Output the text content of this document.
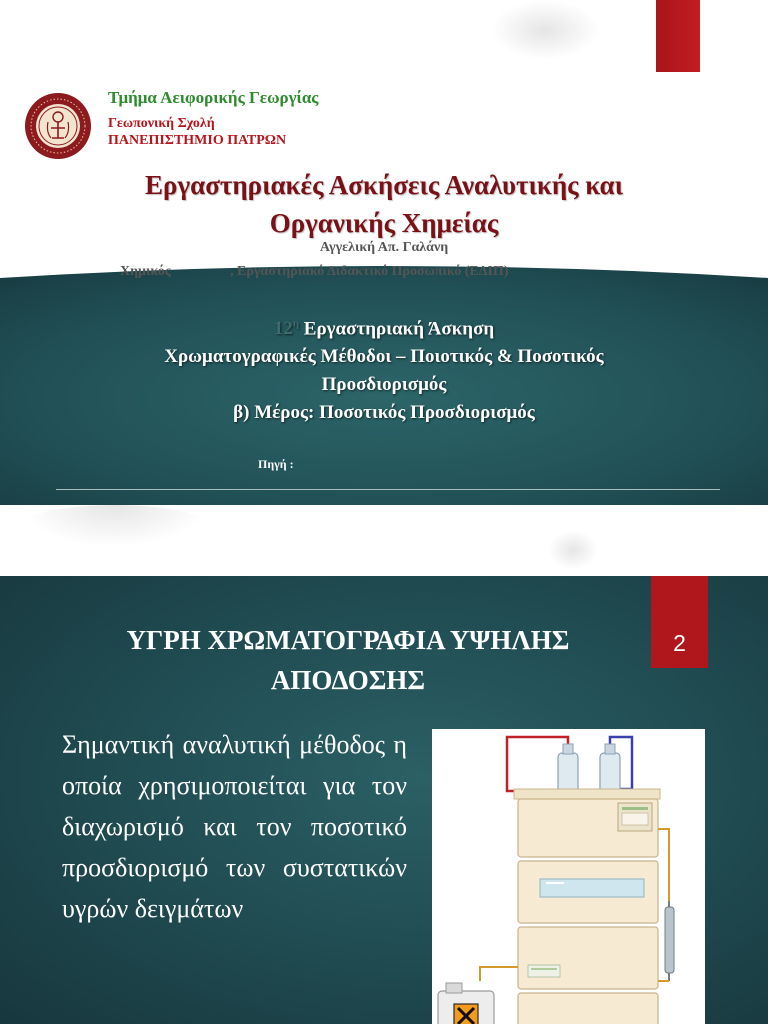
Τμήμα Αειφορικής Γεωργίας
Γεωπονική Σχολή
ΠΑΝΕΠΙΣΤΗΜΙΟ ΠΑΤΡΩΝ
Εργαστηριακές Ασκήσεις Αναλυτικής και
Οργανικής Χημείας
Αγγελική Απ. Γαλάνη
Χημικός	, Εργαστηριακό Διδακτικό Προσωπικό (ΕΔΙΠ)
$12^\eta$ Εργαστηριακή Άσκηση
Χρωματογραφικές Μέθοδοι – Ποιοτικός & Ποσοτικός
Προσδιορισμός
β) Μέρος: Ποσοτικός Προσδιορισμός
Πηγή :
2
ΥΓΡΗ ΧΡΩΜΑΤΟΓΡΑΦΙΑ ΥΨΗΛΗΣ
ΑΠΟΔΟΣΗΣ
Σημαντική αναλυτική μέθοδος η οποία χρησιμοποιείται για τον διαχωρισμό και τον ποσοτικό προσδιορισμό των συστατικών υγρών δειγμάτων
